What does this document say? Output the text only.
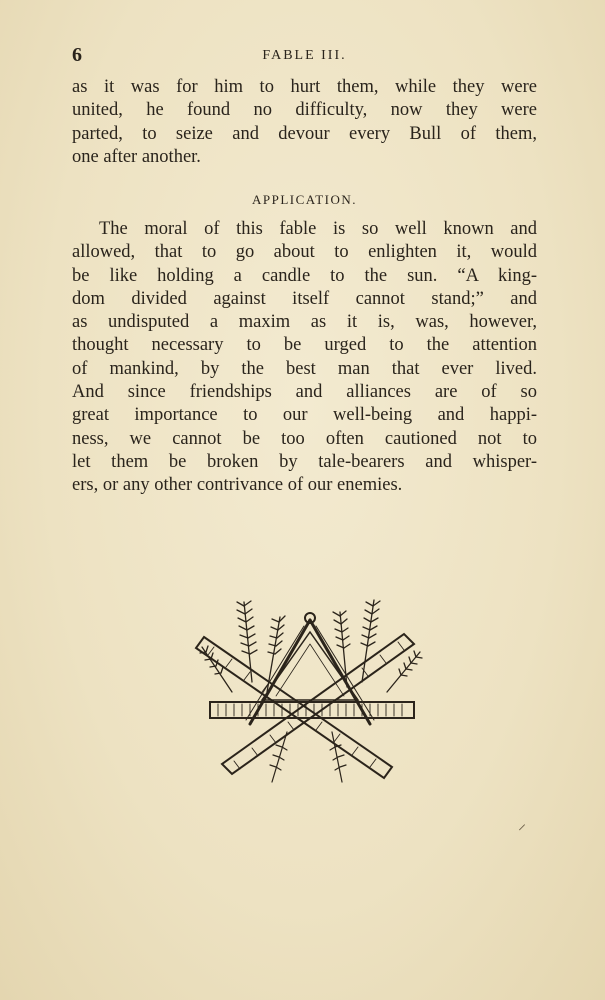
6	FABLE III.
as it was for him to hurt them, while they were
united, he found no difficulty, now they were
parted, to seize and devour every Bull of them,
one after another.
APPLICATION.
The moral of this fable is so well known and
allowed, that to go about to enlighten it, would
be like holding a candle to the sun. “A king-
dom divided against itself cannot stand;” and
as undisputed a maxim as it is, was, however,
thought necessary to be urged to the attention
of mankind, by the best man that ever lived.
And since friendships and alliances are of so
great importance to our well-being and happi-
ness, we cannot be too often cautioned not to
let them be broken by tale-bearers and whisper-
ers, or any other contrivance of our enemies.
⸝
